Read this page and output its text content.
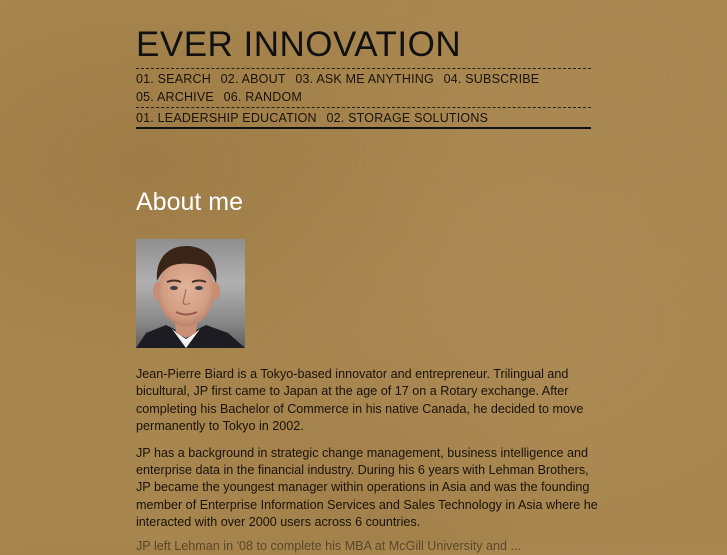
EVER INNOVATION
01. SEARCH 02. ABOUT 03. ASK ME ANYTHING 04. SUBSCRIBE
05. ARCHIVE 06. RANDOM
01. LEADERSHIP EDUCATION 02. STORAGE SOLUTIONS
About me

Jean-Pierre Biard is a Tokyo-based innovator and entrepreneur. Trilingual and bicultural, JP first came to Japan at the age of 17 on a Rotary exchange. After completing his Bachelor of Commerce in his native Canada, he decided to move permanently to Tokyo in 2002.

JP has a background in strategic change management, business intelligence and enterprise data in the financial industry. During his 6 years with Lehman Brothers, JP became the youngest manager within operations in Asia and was the founding member of Enterprise Information Services and Sales Technology in Asia where he interacted with over 2000 users across 6 countries.

JP left Lehman in '08 to complete his MBA at McGill University and ...
